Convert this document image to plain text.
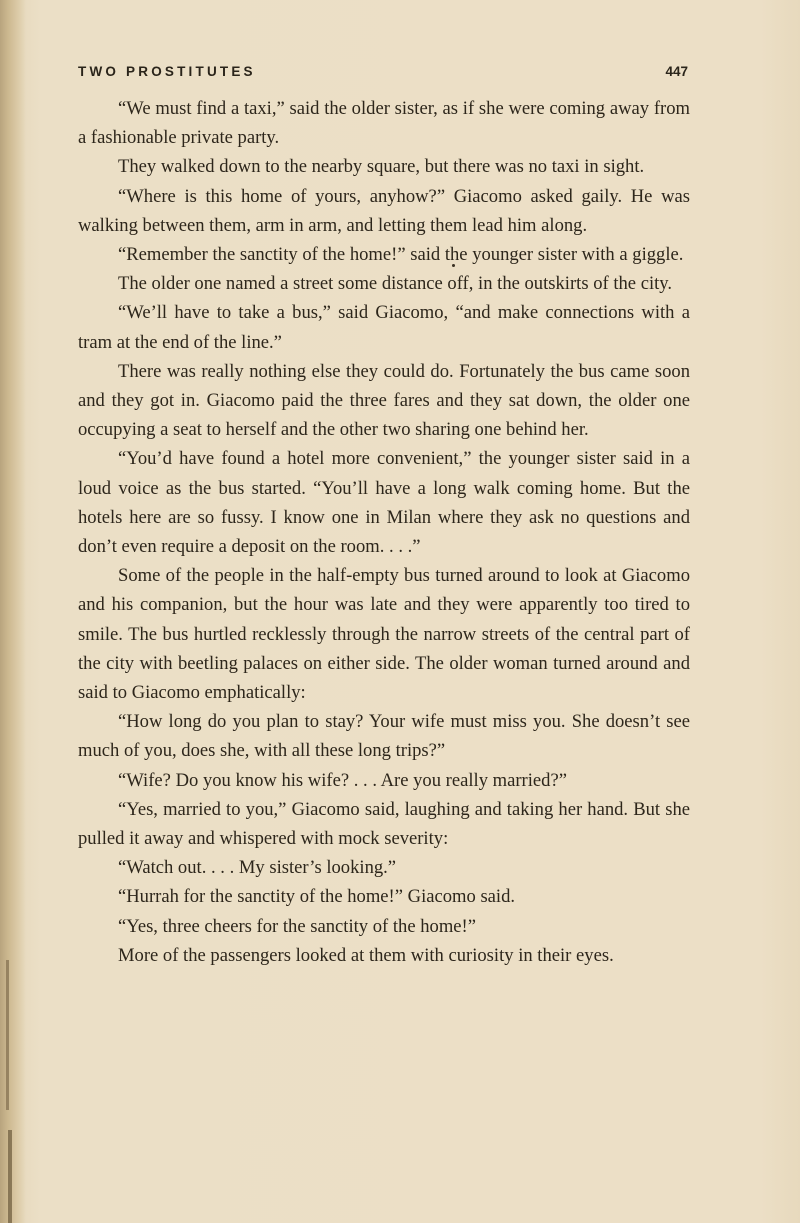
TWO PROSTITUTES	447

“We must find a taxi,” said the older sister, as if she were coming away from a fashionable private party.

They walked down to the nearby square, but there was no taxi in sight.

“Where is this home of yours, anyhow?” Giacomo asked gaily. He was walking between them, arm in arm, and letting them lead him along.

“Remember the sanctity of the home!” said the younger sister with a giggle.

The older one named a street some distance off, in the outskirts of the city.

“We’ll have to take a bus,” said Giacomo, “and make connections with a tram at the end of the line.”

There was really nothing else they could do. Fortunately the bus came soon and they got in. Giacomo paid the three fares and they sat down, the older one occupying a seat to herself and the other two sharing one behind her.

“You’d have found a hotel more convenient,” the younger sister said in a loud voice as the bus started. “You’ll have a long walk coming home. But the hotels here are so fussy. I know one in Milan where they ask no questions and don’t even require a deposit on the room. . . .”

Some of the people in the half-empty bus turned around to look at Giacomo and his companion, but the hour was late and they were apparently too tired to smile. The bus hurtled recklessly through the narrow streets of the central part of the city with beetling palaces on either side. The older woman turned around and said to Giacomo emphatically:

“How long do you plan to stay? Your wife must miss you. She doesn’t see much of you, does she, with all these long trips?”

“Wife? Do you know his wife? . . . Are you really married?”

“Yes, married to you,” Giacomo said, laughing and taking her hand. But she pulled it away and whispered with mock severity:

“Watch out. . . . My sister’s looking.”

“Hurrah for the sanctity of the home!” Giacomo said.

“Yes, three cheers for the sanctity of the home!”

More of the passengers looked at them with curiosity in their eyes.
